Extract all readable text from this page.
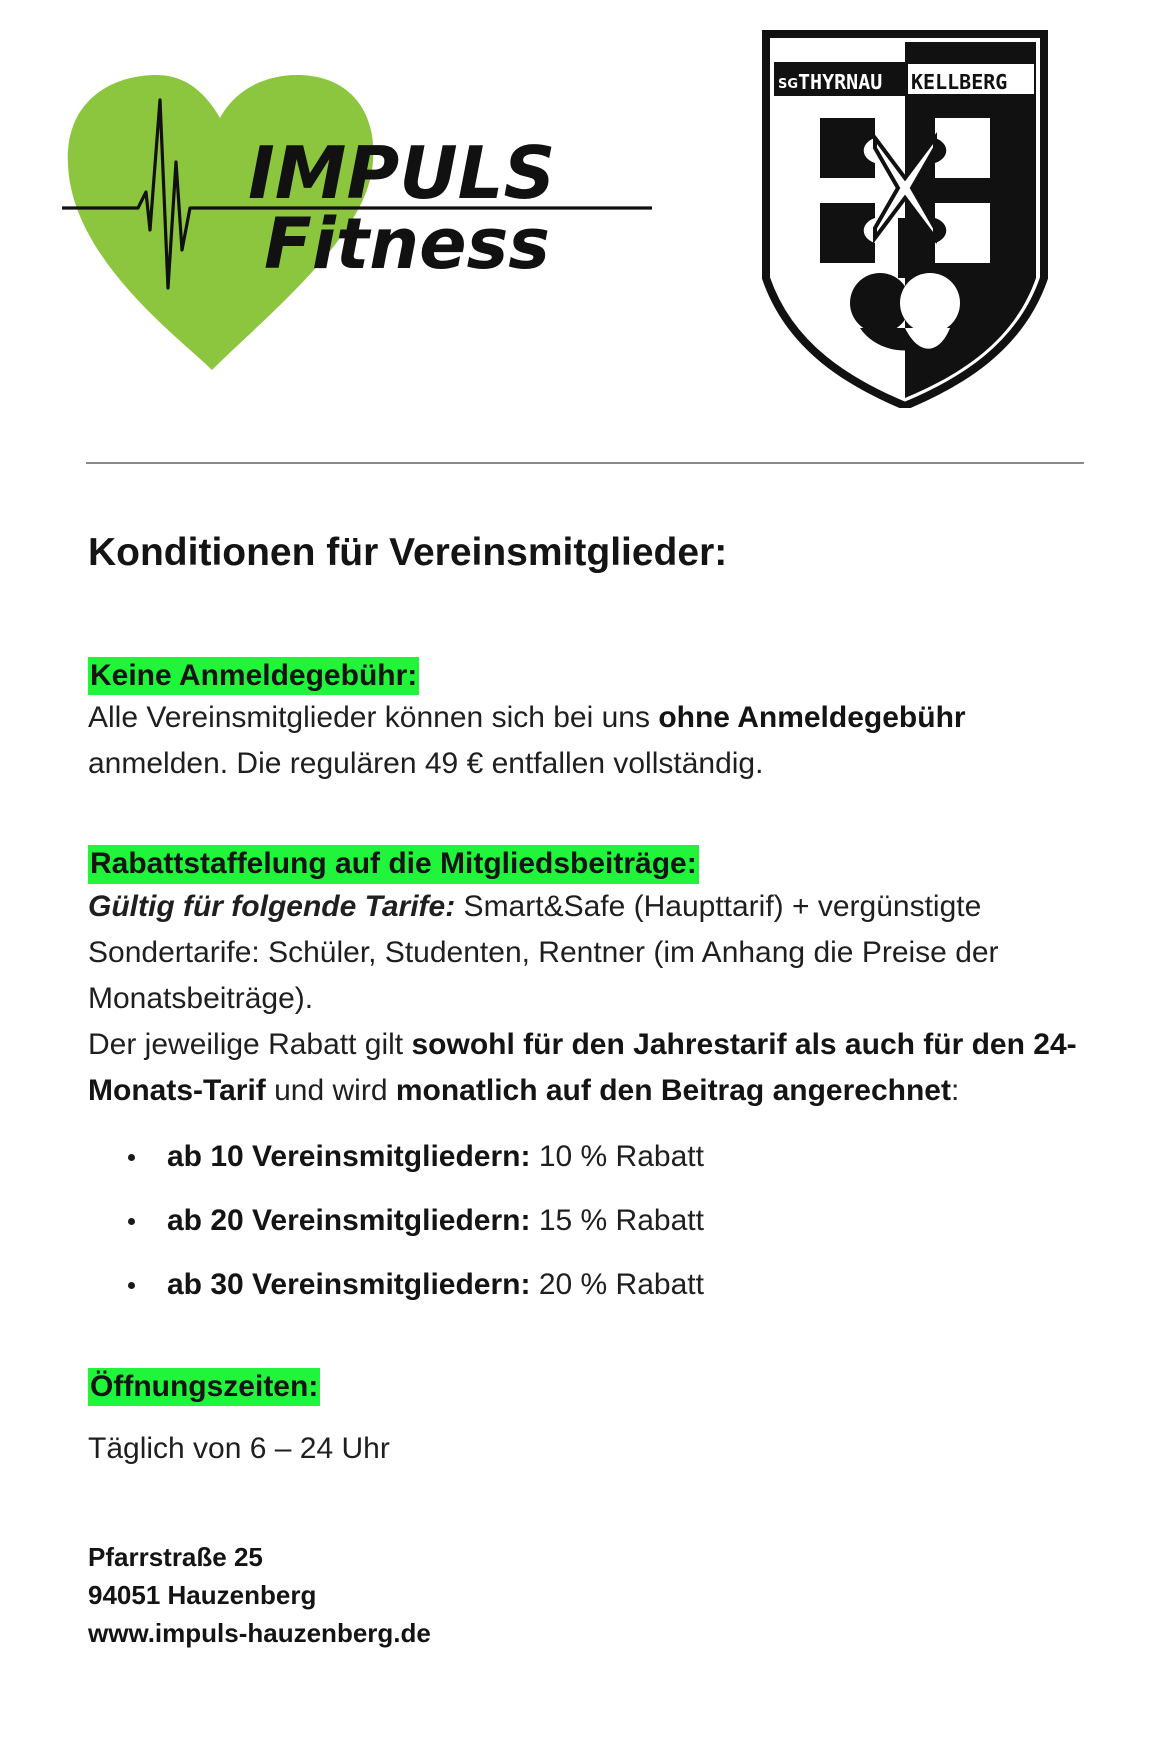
IMPULS
Fitness
SG THYRNAU KELLBERG
Konditionen für Vereinsmitglieder:
Keine Anmeldegebühr:

Alle Vereinsmitglieder können sich bei uns ohne Anmeldegebühr anmelden. Die regulären 49 € entfallen vollständig.

Rabattstaffelung auf die Mitgliedsbeiträge:

Gültig für folgende Tarife: Smart&Safe (Haupttarif) + vergünstigte Sondertarife: Schüler, Studenten, Rentner (im Anhang die Preise der Monatsbeiträge).

Der jeweilige Rabatt gilt sowohl für den Jahrestarif als auch für den 24-Monats-Tarif und wird monatlich auf den Beitrag angerechnet:

ab 10 Vereinsmitgliedern: 10 % Rabatt
ab 20 Vereinsmitgliedern: 15 % Rabatt
ab 30 Vereinsmitgliedern: 20 % Rabatt
Öffnungszeiten:

Täglich von 6 – 24 Uhr

Pfarrstraße 25
94051 Hauzenberg
www.impuls-hauzenberg.de
